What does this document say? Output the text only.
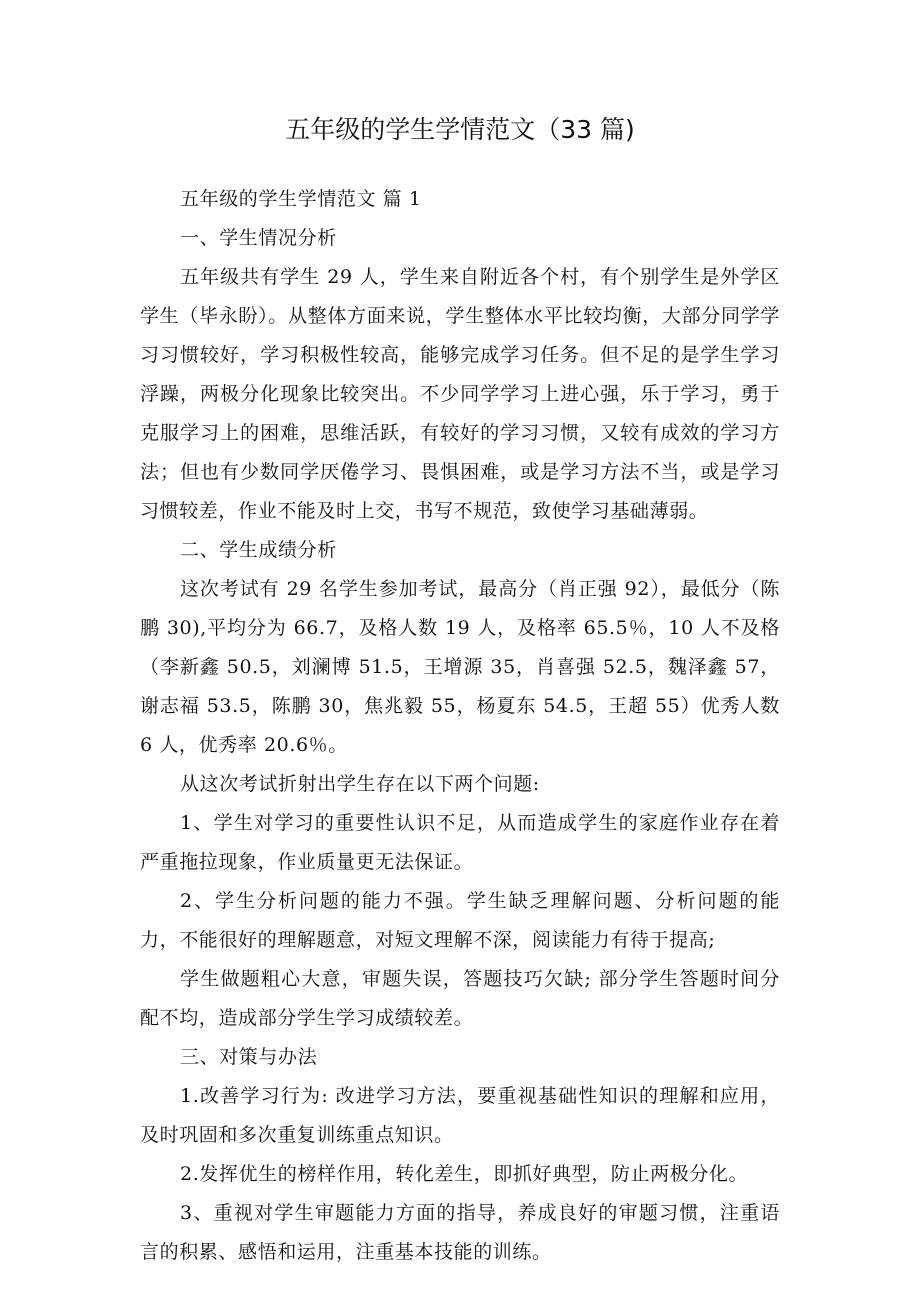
五年级的学生学情范文（33 篇)

五年级的学生学情范文 篇 1

一、学生情况分析

五年级共有学生 29 人，学生来自附近各个村，有个别学生是外学区学生（毕永盼）。从整体方面来说，学生整体水平比较均衡，大部分同学学习习惯较好，学习积极性较高，能够完成学习任务。但不足的是学生学习浮躁，两极分化现象比较突出。不少同学学习上进心强，乐于学习，勇于克服学习上的困难，思维活跃，有较好的学习习惯，又较有成效的学习方法；但也有少数同学厌倦学习、畏惧困难，或是学习方法不当，或是学习习惯较差，作业不能及时上交，书写不规范，致使学习基础薄弱。

二、学生成绩分析

这次考试有 29 名学生参加考试，最高分（肖正强 92），最低分（陈鹏 30),平均分为 66.7，及格人数 19 人，及格率 65.5％，10 人不及格（李新鑫 50.5，刘澜博 51.5，王增源 35，肖喜强 52.5，魏泽鑫 57，谢志福 53.5，陈鹏 30，焦兆毅 55，杨夏东 54.5，王超 55）优秀人数 6 人，优秀率 20.6％。

从这次考试折射出学生存在以下两个问题:

1、学生对学习的重要性认识不足，从而造成学生的家庭作业存在着严重拖拉现象，作业质量更无法保证。

2、学生分析问题的能力不强。学生缺乏理解问题、分析问题的能力，不能很好的理解题意，对短文理解不深，阅读能力有待于提高;

学生做题粗心大意，审题失误，答题技巧欠缺; 部分学生答题时间分配不均，造成部分学生学习成绩较差。

三、对策与办法

1.改善学习行为: 改进学习方法，要重视基础性知识的理解和应用，及时巩固和多次重复训练重点知识。

2.发挥优生的榜样作用，转化差生，即抓好典型，防止两极分化。

3、重视对学生审题能力方面的指导，养成良好的审题习惯，注重语言的积累、感悟和运用，注重基本技能的训练。
